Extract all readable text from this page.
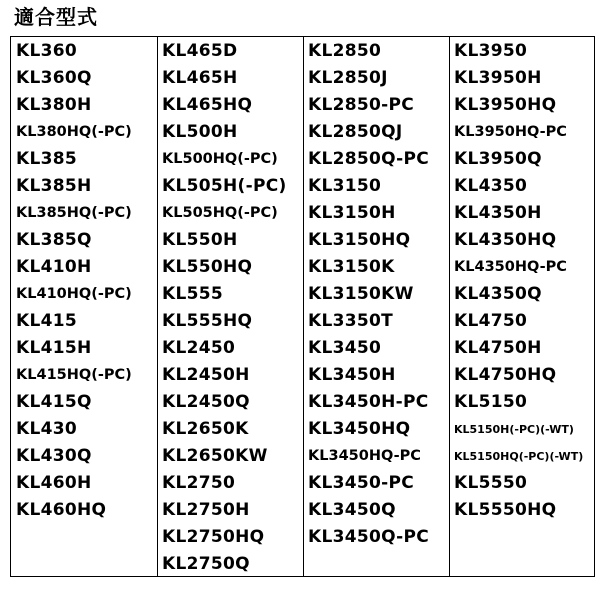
適合型式
KL360
KL360Q
KL380H
KL380HQ(-PC)
KL385
KL385H
KL385HQ(-PC)
KL385Q
KL410H
KL410HQ(-PC)
KL415
KL415H
KL415HQ(-PC)
KL415Q
KL430
KL430Q
KL460H
KL460HQ
KL465D
KL465H
KL465HQ
KL500H
KL500HQ(-PC)
KL505H(-PC)
KL505HQ(-PC)
KL550H
KL550HQ
KL555
KL555HQ
KL2450
KL2450H
KL2450Q
KL2650K
KL2650KW
KL2750
KL2750H
KL2750HQ
KL2750Q
KL2850
KL2850J
KL2850-PC
KL2850QJ
KL2850Q-PC
KL3150
KL3150H
KL3150HQ
KL3150K
KL3150KW
KL3350T
KL3450
KL3450H
KL3450H-PC
KL3450HQ
KL3450HQ-PC
KL3450-PC
KL3450Q
KL3450Q-PC
KL3950
KL3950H
KL3950HQ
KL3950HQ-PC
KL3950Q
KL4350
KL4350H
KL4350HQ
KL4350HQ-PC
KL4350Q
KL4750
KL4750H
KL4750HQ
KL5150
KL5150H(-PC)(-WT)
KL5150HQ(-PC)(-WT)
KL5550
KL5550HQ
